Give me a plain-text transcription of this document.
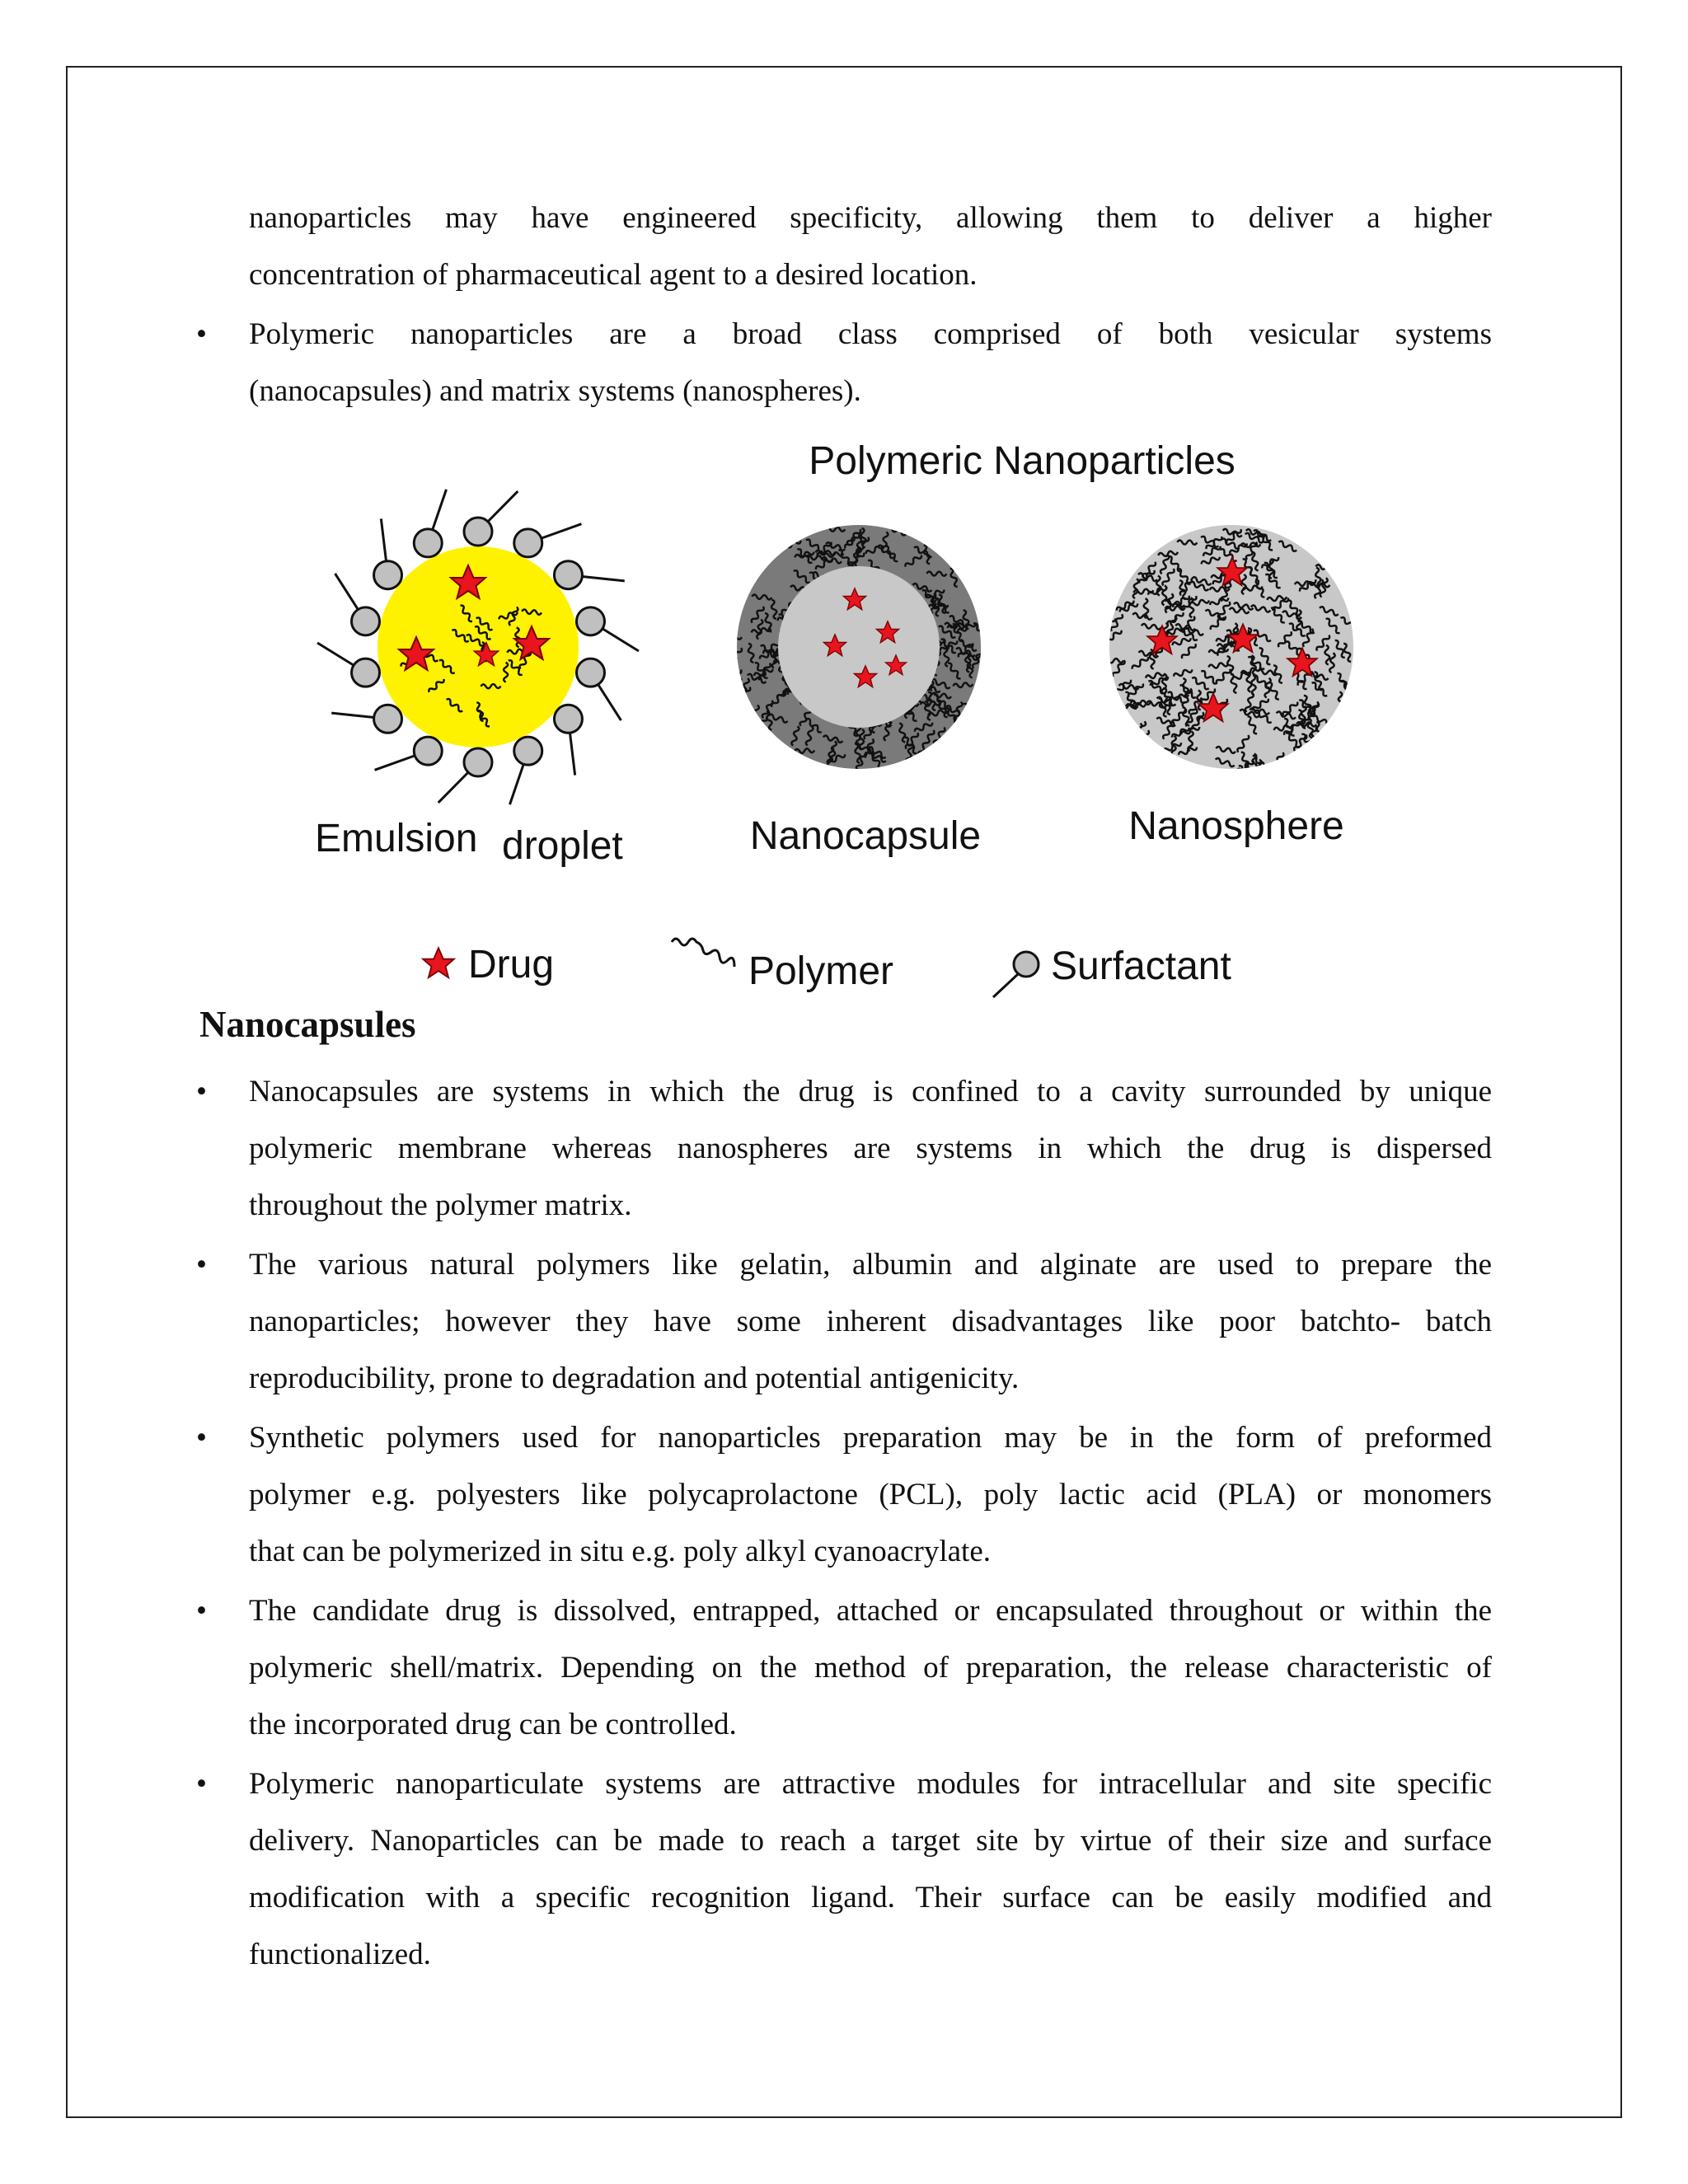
nanoparticles may have engineered specificity, allowing them to deliver a higher
concentration of pharmaceutical agent to a desired location.
• Polymeric nanoparticles are a broad class comprised of both vesicular systems
(nanocapsules) and matrix systems (nanospheres).
Polymeric Nanoparticles
Emulsion droplet	Nanocapsule	Nanosphere
Drug	Polymer	Surfactant
Nanocapsules
• Nanocapsules are systems in which the drug is confined to a cavity surrounded by unique
polymeric membrane whereas nanospheres are systems in which the drug is dispersed
throughout the polymer matrix.
• The various natural polymers like gelatin, albumin and alginate are used to prepare the
nanoparticles; however they have some inherent disadvantages like poor batchto- batch
reproducibility, prone to degradation and potential antigenicity.
• Synthetic polymers used for nanoparticles preparation may be in the form of preformed
polymer e.g. polyesters like polycaprolactone (PCL), poly lactic acid (PLA) or monomers
that can be polymerized in situ e.g. poly alkyl cyanoacrylate.
• The candidate drug is dissolved, entrapped, attached or encapsulated throughout or within the
polymeric shell/matrix. Depending on the method of preparation, the release characteristic of
the incorporated drug can be controlled.
• Polymeric nanoparticulate systems are attractive modules for intracellular and site specific
delivery. Nanoparticles can be made to reach a target site by virtue of their size and surface
modification with a specific recognition ligand. Their surface can be easily modified and
functionalized.
